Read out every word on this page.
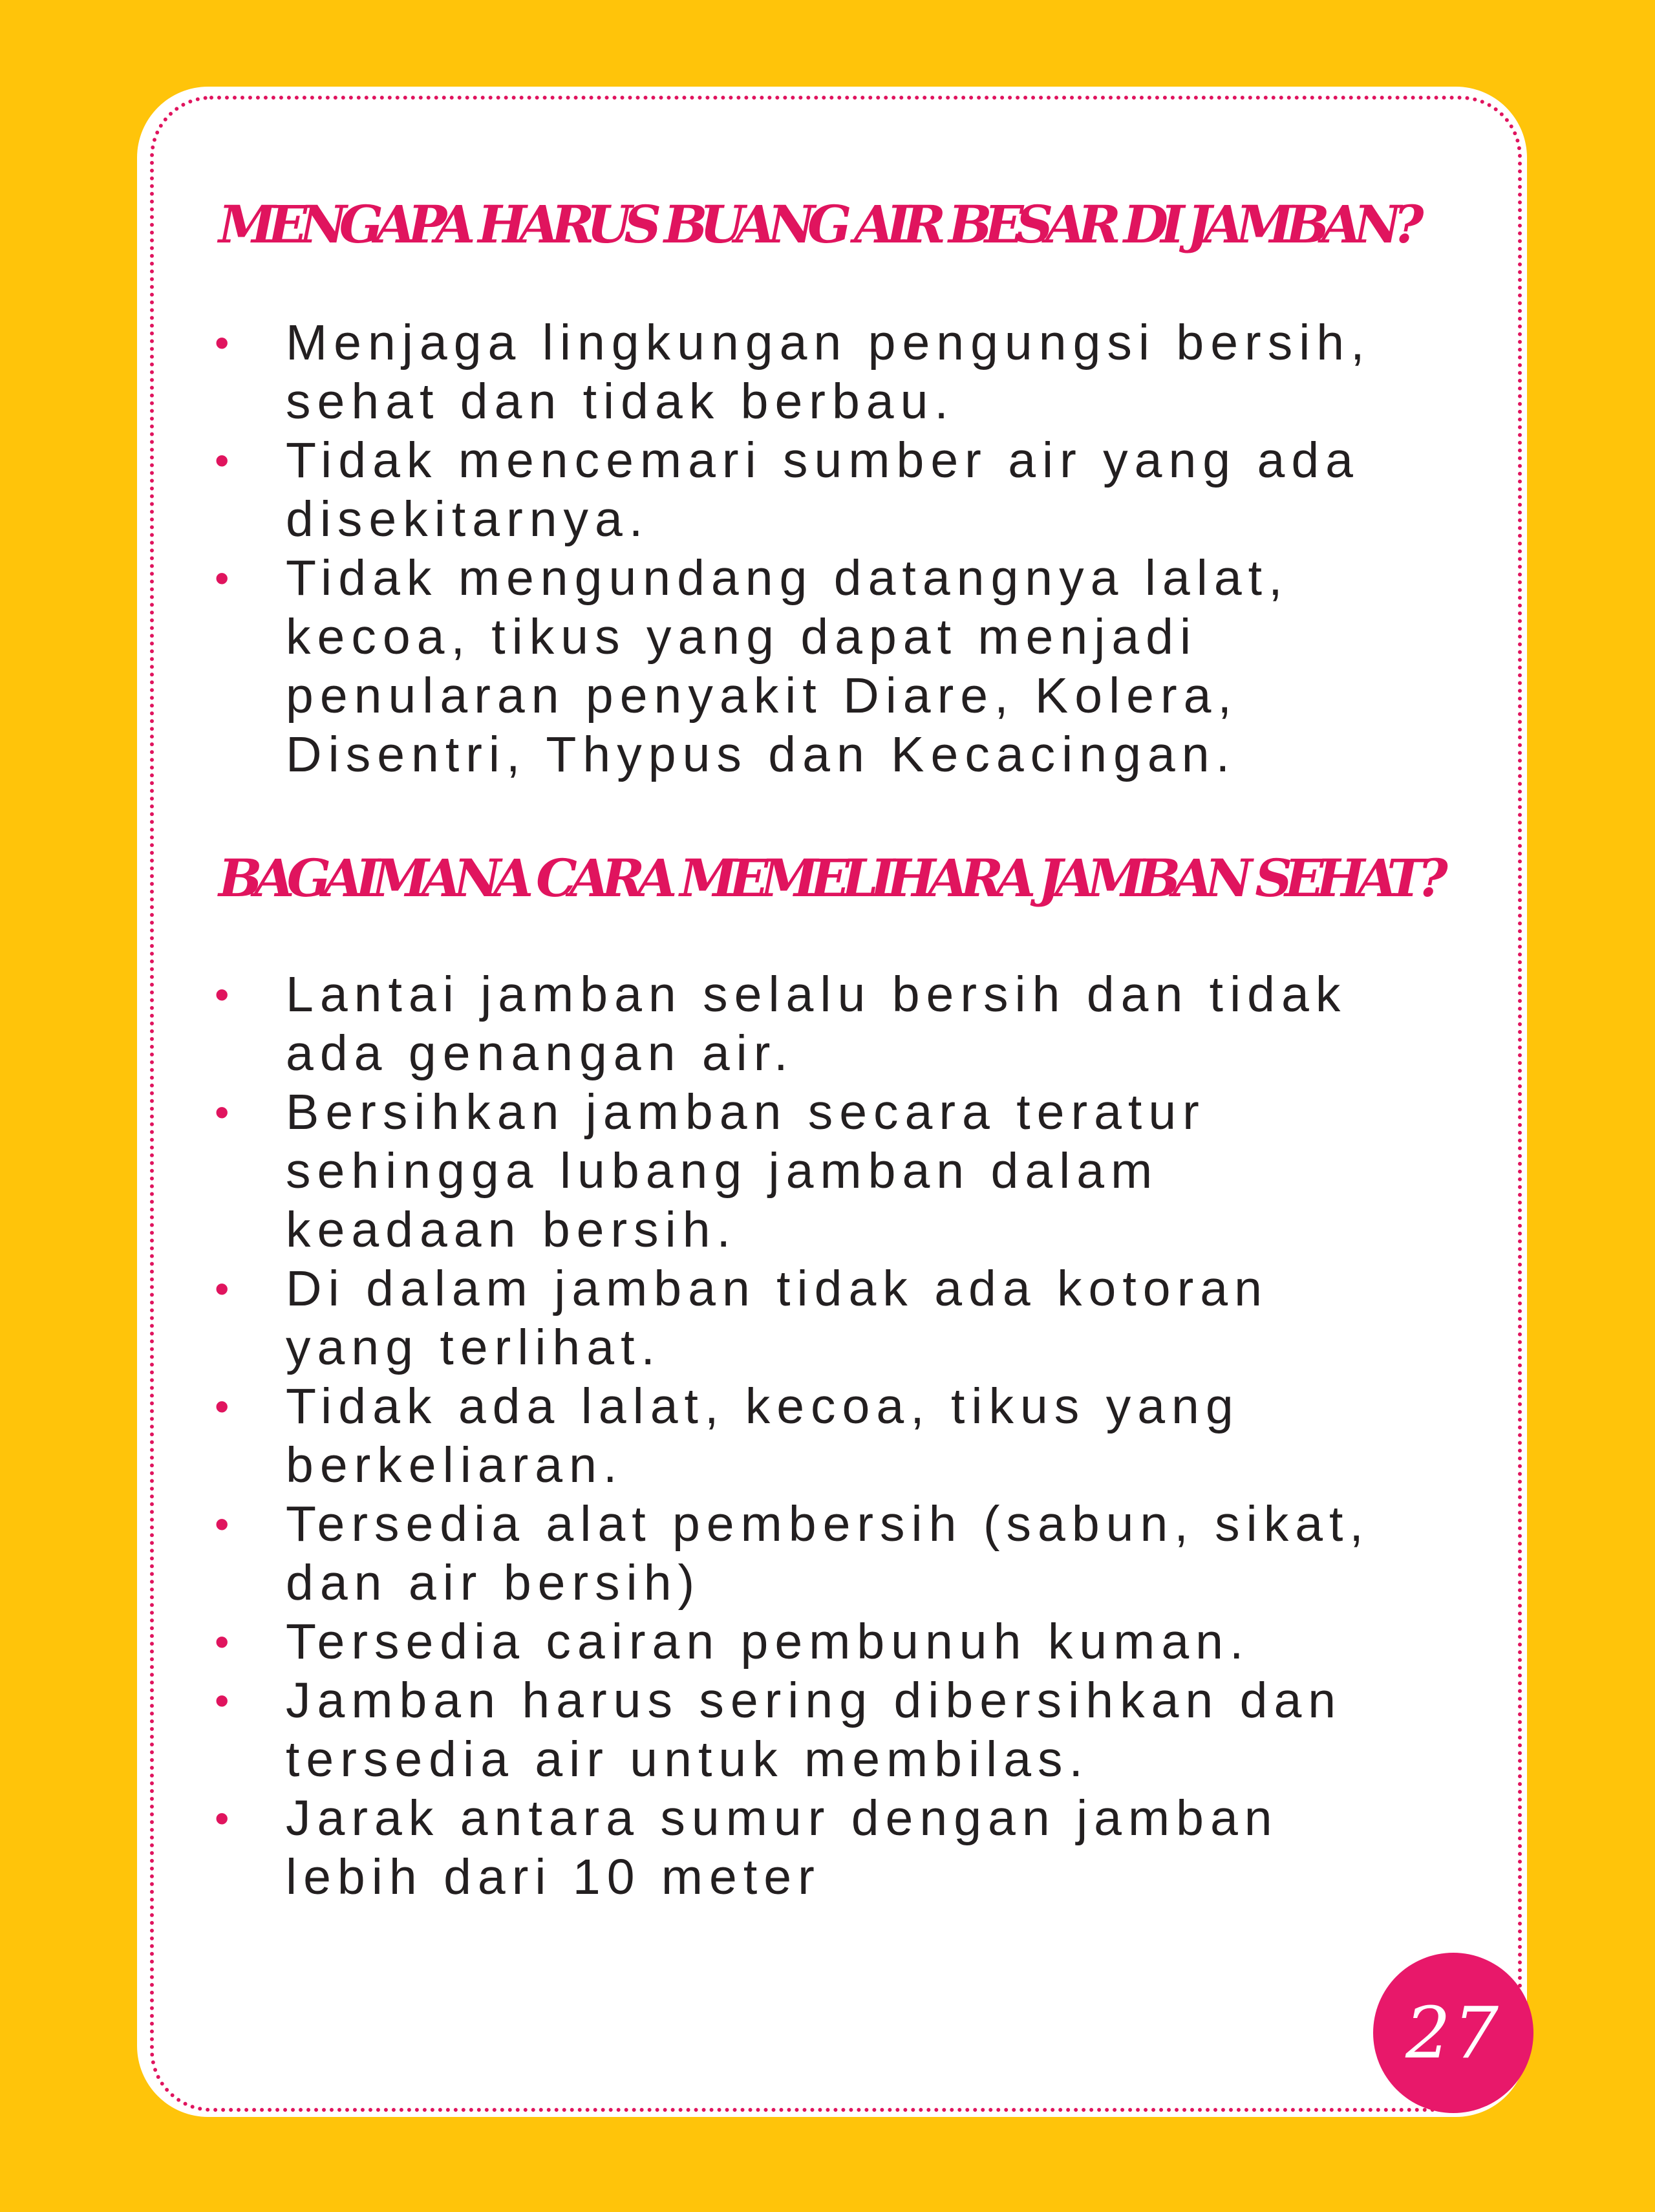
MENGAPA HARUS BUANG AIR BESAR DI JAMBAN?
• Menjaga lingkungan pengungsi bersih,
sehat dan tidak berbau.
• Tidak mencemari sumber air yang ada
disekitarnya.
• Tidak mengundang datangnya lalat,
kecoa, tikus yang dapat menjadi
penularan penyakit Diare, Kolera,
Disentri, Thypus dan Kecacingan.
BAGAIMANA CARA MEMELIHARA JAMBAN SEHAT?
• Lantai jamban selalu bersih dan tidak
ada genangan air.
• Bersihkan jamban secara teratur
sehingga lubang jamban dalam
keadaan bersih.
• Di dalam jamban tidak ada kotoran
yang terlihat.
• Tidak ada lalat, kecoa, tikus yang
berkeliaran.
• Tersedia alat pembersih (sabun, sikat,
dan air bersih)
• Tersedia cairan pembunuh kuman.
• Jamban harus sering dibersihkan dan
tersedia air untuk membilas.
• Jarak antara sumur dengan jamban
lebih dari 10 meter
27
